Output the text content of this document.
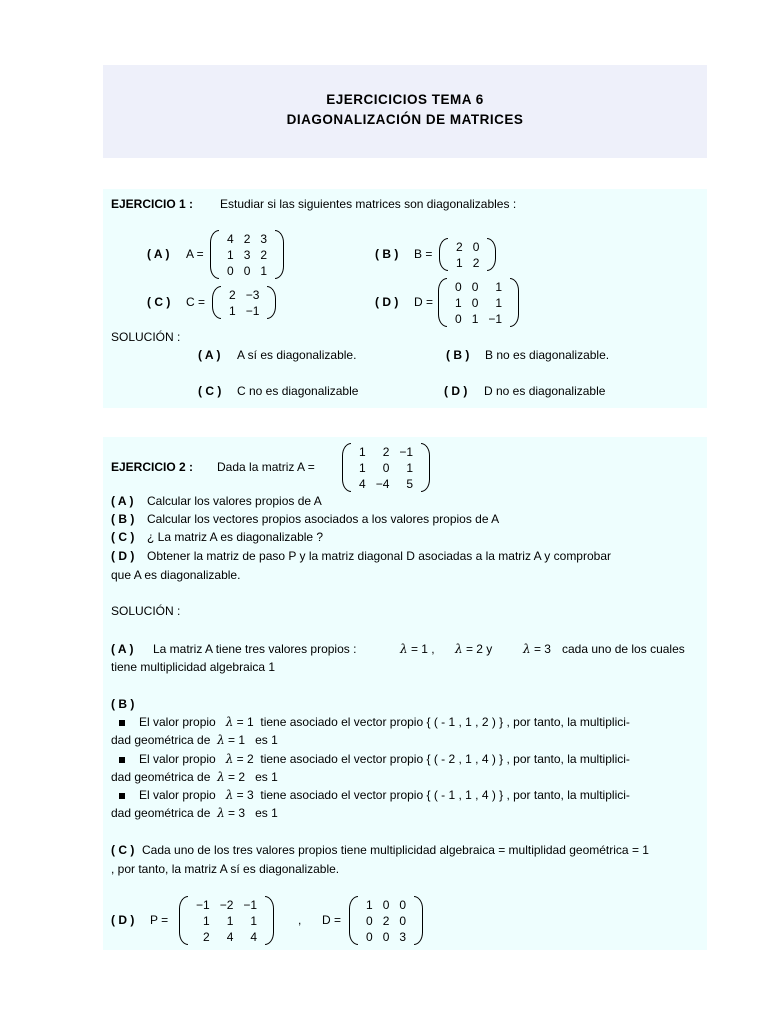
EJERCICICIOS TEMA 6
DIAGONALIZACIÓN DE MATRICES
EJERCICIO 1 : Estudiar si las siguientes matrices son diagonalizables :
( A ) A =
4 2 3
1 3 2
0 0 1
( B ) B =
2 0
1 2
( C ) C =
2 −3
1 −1
( D ) D =
0 0	1
1 0	1
0 1 −1
SOLUCIÓN :
( A ) A sí es diagonalizable.	( B ) B no es diagonalizable.
( C ) C no es diagonalizable	( D ) D no es diagonalizable
EJERCICIO 2 : Dada la matriz A =
1	2 −1
1	0	1
4 −4	5
( A ) Calcular los valores propios de A
( B ) Calcular los vectores propios asociados a los valores propios de A
( C ) ¿ La matriz A es diagonalizable ?
( D ) Obtener la matriz de paso P y la matriz diagonal D asociadas a la matriz A y comprobar
que A es diagonalizable.
SOLUCIÓN :
( A ) La matriz A tiene tres valores propios :	λ = 1 , λ = 2 y	λ = 3 cada uno de los cuales
tiene multiplicidad algebraica 1
( B )
El valor propio λ = 1 tiene asociado el vector propio { ( - 1 , 1 , 2 ) } , por tanto, la multiplici-
dad geométrica de λ = 1 es 1
El valor propio λ = 2 tiene asociado el vector propio { ( - 2 , 1 , 4 ) } , por tanto, la multiplici-
dad geométrica de λ = 2 es 1
El valor propio λ = 3 tiene asociado el vector propio { ( - 1 , 1 , 4 ) } , por tanto, la multiplici-
dad geométrica de λ = 3 es 1
( C ) Cada uno de los tres valores propios tiene multiplicidad algebraica = multiplidad geométrica = 1
, por tanto, la matriz A sí es diagonalizable.
( D ) P =
−1 −2 −1
1	1	1
2	4	4
, D =
1 0 0
0 2 0
0 0 3
